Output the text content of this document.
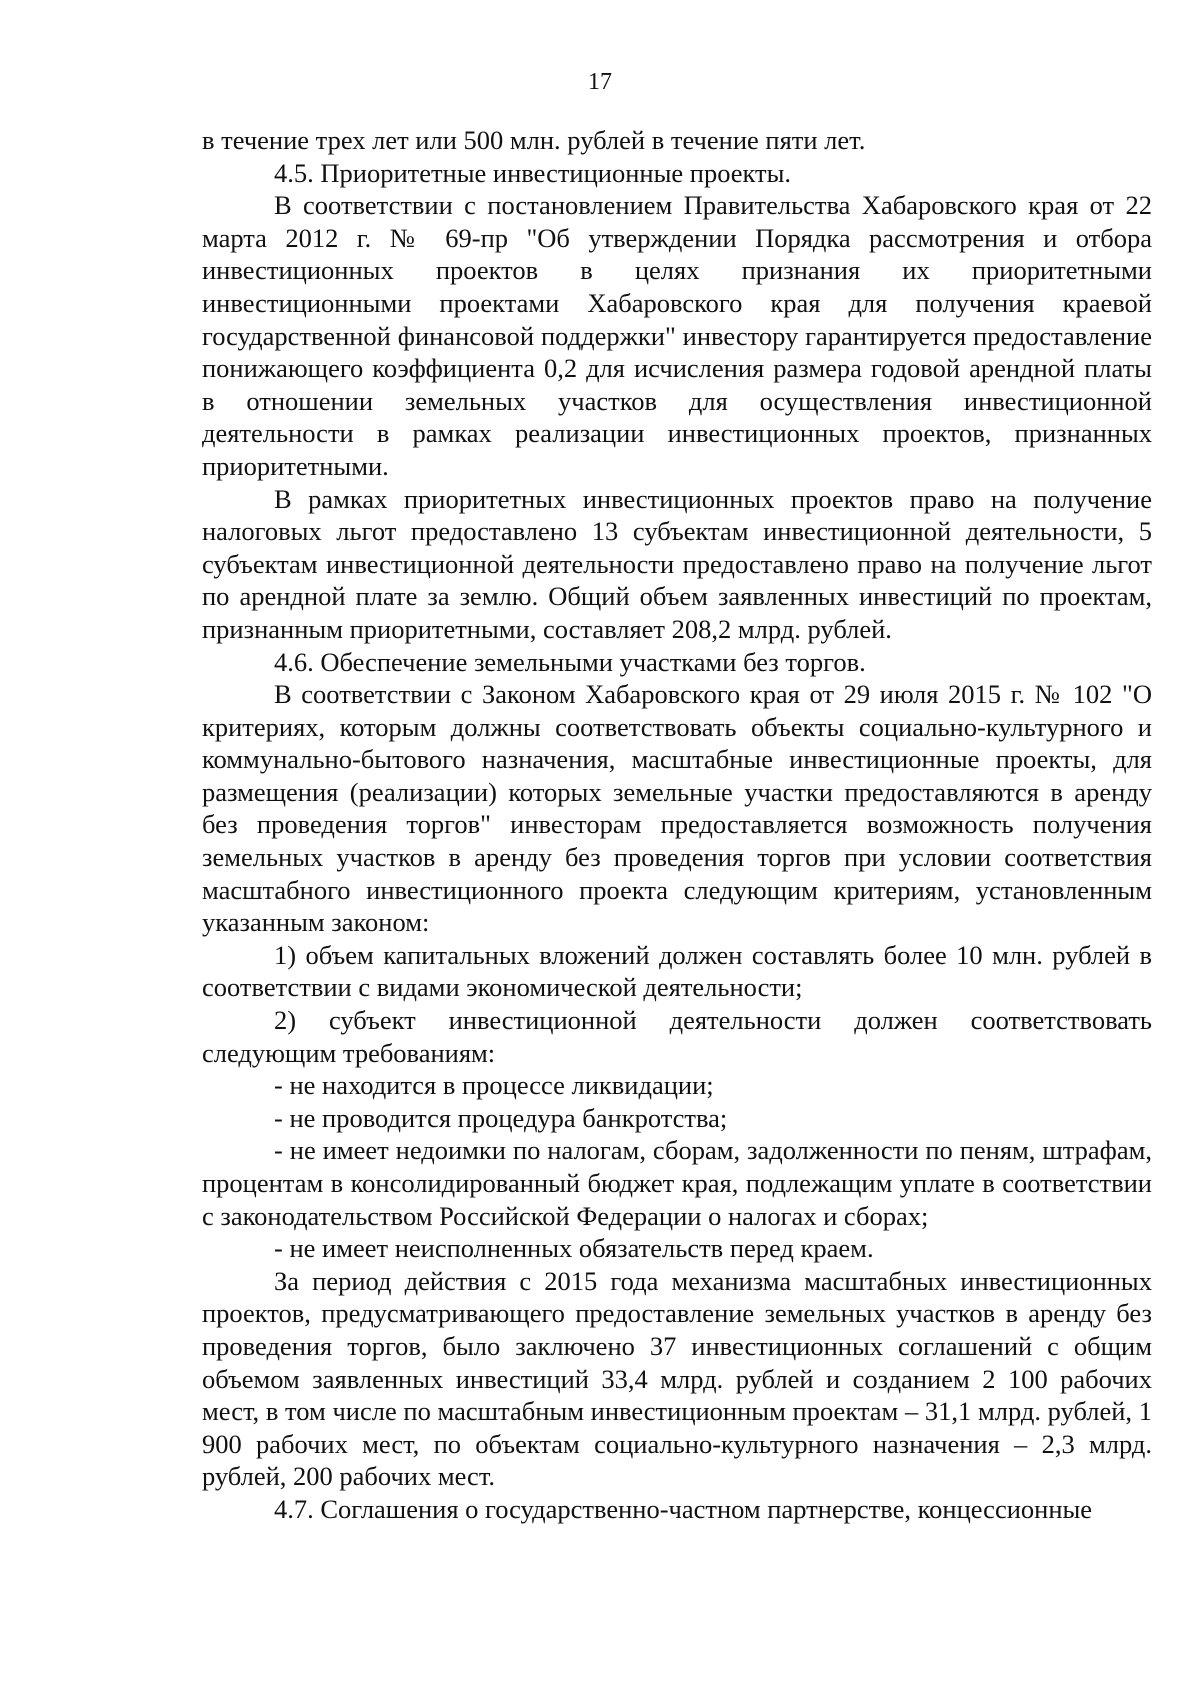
17

в течение трех лет или 500 млн. рублей в течение пяти лет.

4.5. Приоритетные инвестиционные проекты.

В соответствии с постановлением Правительства Хабаровского края от 22 марта 2012 г. № 69-пр "Об утверждении Порядка рассмотрения и отбора инвестиционных проектов в целях признания их приоритетными инвестиционными проектами Хабаровского края для получения краевой государственной финансовой поддержки" инвестору гарантируется предоставление понижающего коэффициента 0,2 для исчисления размера годовой арендной платы в отношении земельных участков для осуществления инвестиционной деятельности в рамках реализации инвестиционных проектов, признанных приоритетными.

В рамках приоритетных инвестиционных проектов право на получение налоговых льгот предоставлено 13 субъектам инвестиционной деятельности, 5 субъектам инвестиционной деятельности предоставлено право на получение льгот по арендной плате за землю. Общий объем заявленных инвестиций по проектам, признанным приоритетными, составляет 208,2 млрд. рублей.

4.6. Обеспечение земельными участками без торгов.

В соответствии с Законом Хабаровского края от 29 июля 2015 г. № 102 "О критериях, которым должны соответствовать объекты социально-культурного и коммунально-бытового назначения, масштабные инвестиционные проекты, для размещения (реализации) которых земельные участки предоставляются в аренду без проведения торгов" инвесторам предоставляется возможность получения земельных участков в аренду без проведения торгов при условии соответствия масштабного инвестиционного проекта следующим критериям, установленным указанным законом:

1) объем капитальных вложений должен составлять более 10 млн. рублей в соответствии с видами экономической деятельности;

2) субъект инвестиционной деятельности должен соответствовать следующим требованиям:

- не находится в процессе ликвидации;

- не проводится процедура банкротства;

- не имеет недоимки по налогам, сборам, задолженности по пеням, штрафам, процентам в консолидированный бюджет края, подлежащим уплате в соответствии с законодательством Российской Федерации о налогах и сборах;

- не имеет неисполненных обязательств перед краем.

За период действия с 2015 года механизма масштабных инвестиционных проектов, предусматривающего предоставление земельных участков в аренду без проведения торгов, было заключено 37 инвестиционных соглашений с общим объемом заявленных инвестиций 33,4 млрд. рублей и созданием 2 100 рабочих мест, в том числе по масштабным инвестиционным проектам – 31,1 млрд. рублей, 1 900 рабочих мест, по объектам социально-культурного назначения – 2,3 млрд. рублей, 200 рабочих мест.

4.7. Соглашения о государственно-частном партнерстве, концессионные
